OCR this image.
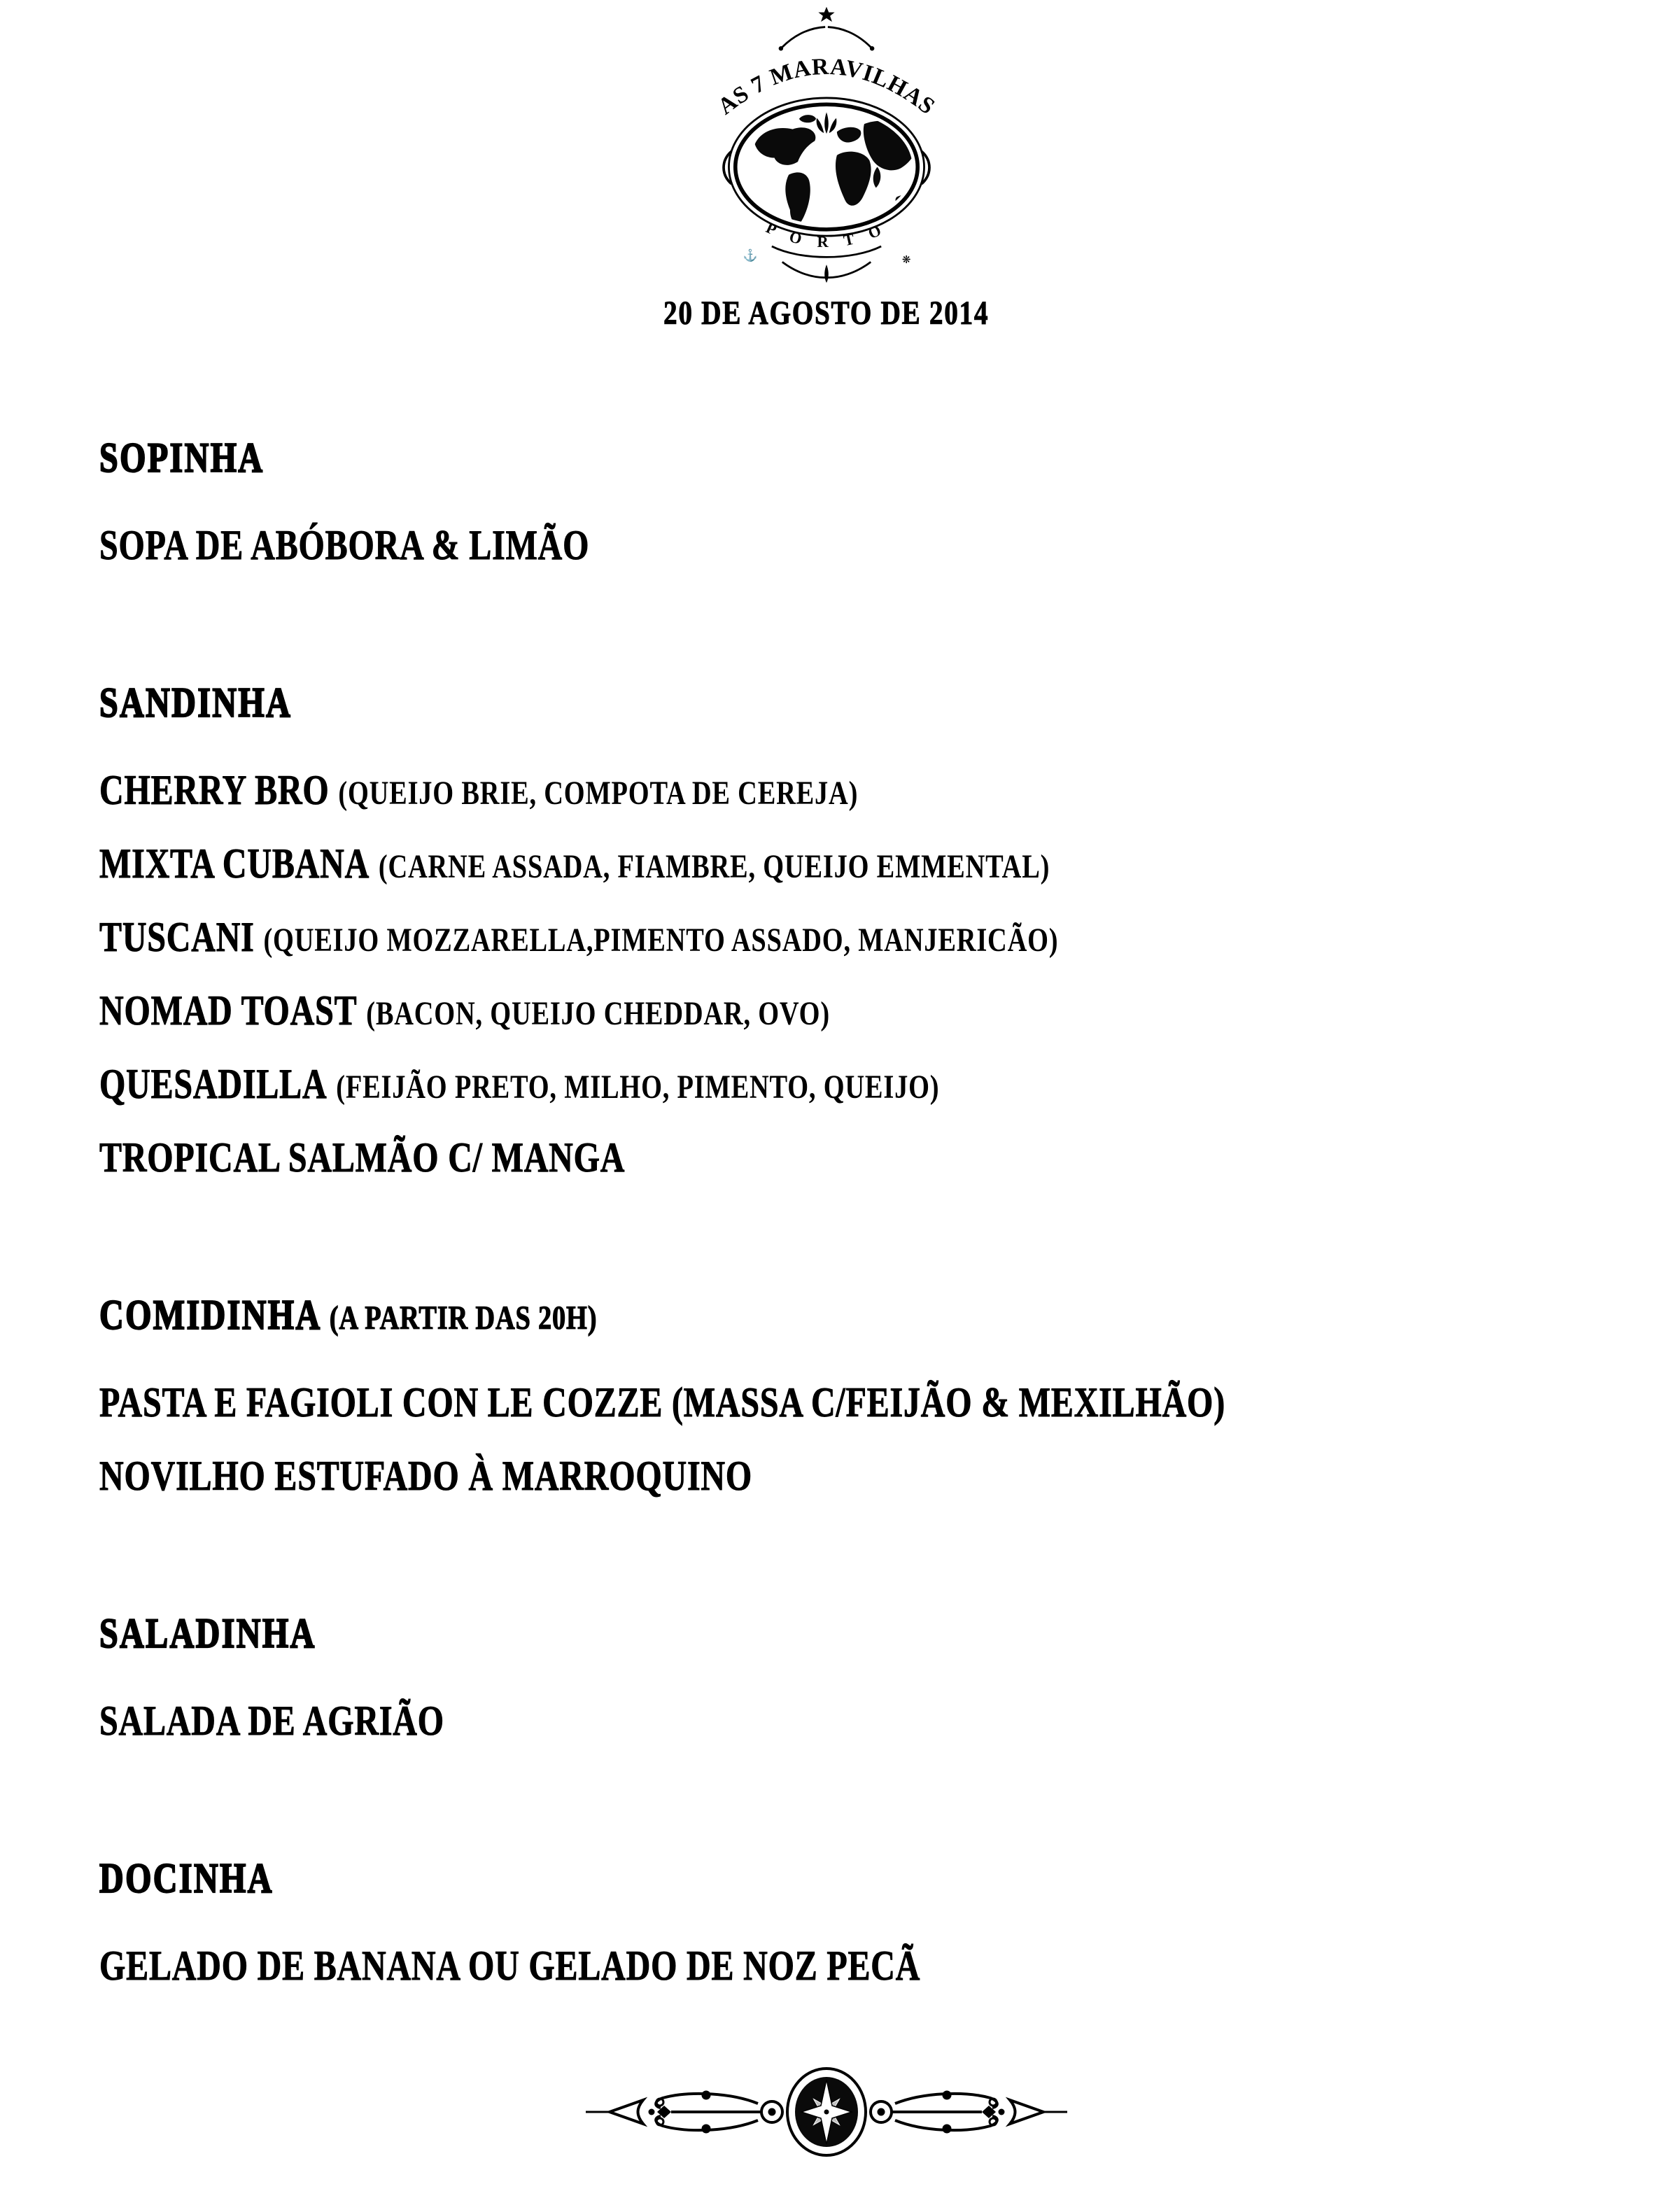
AS 7 MARAVILHAS
P O R T O
⚓	❋
20 DE AGOSTO DE 2014
SOPINHA
SOPA DE ABÓBORA & LIMÃO
SANDINHA
CHERRY BRO (QUEIJO BRIE, COMPOTA DE CEREJA)
MIXTA CUBANA (CARNE ASSADA, FIAMBRE, QUEIJO EMMENTAL)
TUSCANI (QUEIJO MOZZARELLA,PIMENTO ASSADO, MANJERICÃO)
NOMAD TOAST (BACON, QUEIJO CHEDDAR, OVO)
QUESADILLA (FEIJÃO PRETO, MILHO, PIMENTO, QUEIJO)
TROPICAL SALMÃO C/ MANGA
COMIDINHA (A PARTIR DAS 20H)
PASTA E FAGIOLI CON LE COZZE (MASSA C/FEIJÃO & MEXILHÃO)
NOVILHO ESTUFADO À MARROQUINO
SALADINHA
SALADA DE AGRIÃO
DOCINHA
GELADO DE BANANA OU GELADO DE NOZ PECÃ
